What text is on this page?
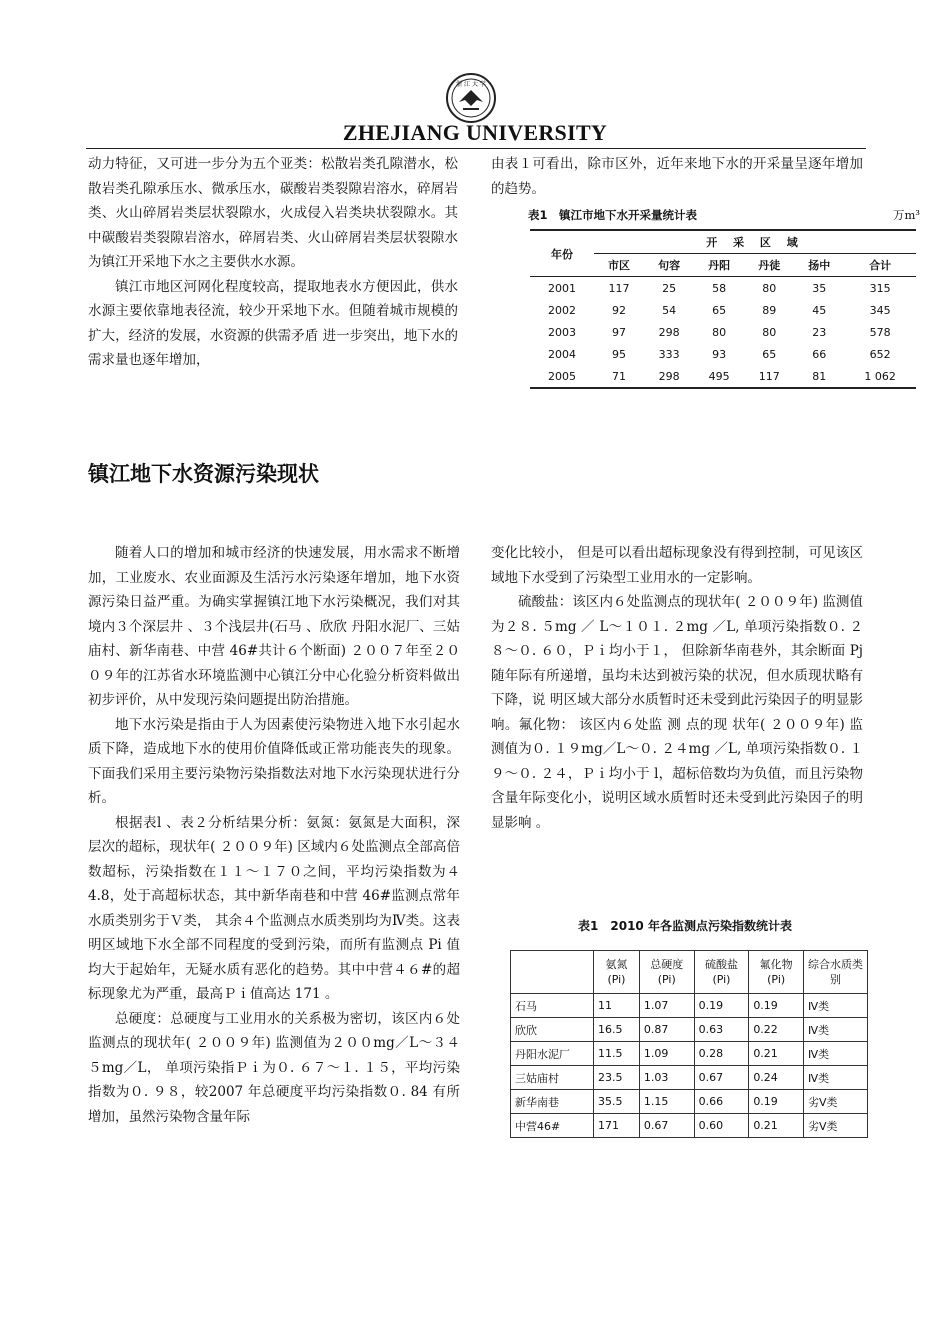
浙 江 大 学
ZHEJIANG UNIVERSITY

动力特征，又可进一步分为五个亚类：松散岩类孔隙潜水，松散岩类孔隙承压水、微承压水，碳酸岩类裂隙岩溶水，碎屑岩类、火山碎屑岩类层状裂隙水，火成侵入岩类块状裂隙水。其中碳酸岩类裂隙岩溶水，碎屑岩类、火山碎屑岩类层状裂隙水为镇江开采地下水之主要供水水源。

镇江市地区河网化程度较高，提取地表水方便因此，供水水源主要依靠地表径流，较少开采地下水。但随着城市规模的扩大，经济的发展，水资源的供需矛盾 进一步突出，地下水的需求量也逐年增加，

由表１可看出，除市区外，近年来地下水的开采量呈逐年增加的趋势。

表1　镇江市地下水开采量统计表	万m³
年份	开 采 区 域					
	市区	句容	丹阳	丹徒	扬中	合计
2001	117	25	58	80	35	315
2002	92	54	65	89	45	345
2003	97	298	80	80	23	578
2004	95	333	93	65	66	652
2005	71	298	495	117	81	1 062
镇江地下水资源污染现状

随着人口的增加和城市经济的快速发展，用水需求不断增加，工业废水、农业面源及生活污水污染逐年增加，地下水资源污染日益严重。为确实掌握镇江地下水污染概况，我们对其境内３个深层井 、３个浅层井(石马 、欣欣 丹阳水泥厂、三姑庙村、新华南巷、中营 46#共计６个断面) ２００７年至２００９年的江苏省水环境监测中心镇江分中心化验分析资料做出初步评价，从中发现污染问题提出防治措施。

地下水污染是指由于人为因素使污染物进入地下水引起水质下降，造成地下水的使用价值降低或正常功能丧失的现象。下面我们采用主要污染物污染指数法对地下水污染现状进行分析。

根据表l 、表２分析结果分析：氨氮：氨氮是大面积，深层次的超标，现状年( ２００９年) 区域内６处监测点全部高倍数超标，污染指数在１１～１７０之间，平均污染指数为４4.8，处于高超标状态，其中新华南巷和中营 46#监测点常年水质类别劣于Ｖ类， 其余４个监测点水质类别均为Ⅳ类。这表明区域地下水全部不同程度的受到污染，而所有监测点 Pi 值均大于起始年，无疑水质有恶化的趋势。其中中营４６#的超标现象尤为严重，最高Ｐｉ值高达 171 。

总硬度：总硬度与工业用水的关系极为密切，该区内６处监测点的现状年( ２００９年) 监测值为２００mg／L～３４５mg／L， 单项污染指Ｐｉ为０. ６７～１. １５，平均污染指数为０. ９８，较2007 年总硬度平均污染指数０. 84 有所增加，虽然污染物含量年际

变化比较小， 但是可以看出超标现象没有得到控制，可见该区域地下水受到了污染型工业用水的一定影响。

硫酸盐：该区内６处监测点的现状年( ２００９年) 监测值为２８. ５mg ／ L～１０１. ２mg ／L, 单项污染指数０. ２８～０. ６０，Ｐｉ均小于１， 但除新华南巷外，其余断面 Pj 随年际有所递增，虽均未达到被污染的状况，但水质现状略有下降，说 明区域大部分水质暂时还未受到此污染因子的明显影响。氟化物： 该区内６处监 测 点的现 状年( ２００９年) 监测值为０. １９mg／L～０. ２４mg ／L, 单项污染指数０. １９～０. ２４，Ｐｉ均小于 l，超标倍数均为负值，而且污染物含量年际变化小，说明区域水质暂时还未受到此污染因子的明显影响 。

表1　2010 年各监测点污染指数统计表
	氨氮(Pi)	总硬度(Pi)	硫酸盐(Pi)	氟化物(Pi)	综合水质类别
石马	11	1.07	0.19	0.19	Ⅳ类
欣欣	16.5	0.87	0.63	0.22	Ⅳ类
丹阳水泥厂	11.5	1.09	0.28	0.21	Ⅳ类
三姑庙村	23.5	1.03	0.67	0.24	Ⅳ类
新华南巷	35.5	1.15	0.66	0.19	劣Ⅴ类
中营46#	171	0.67	0.60	0.21	劣Ⅴ类
